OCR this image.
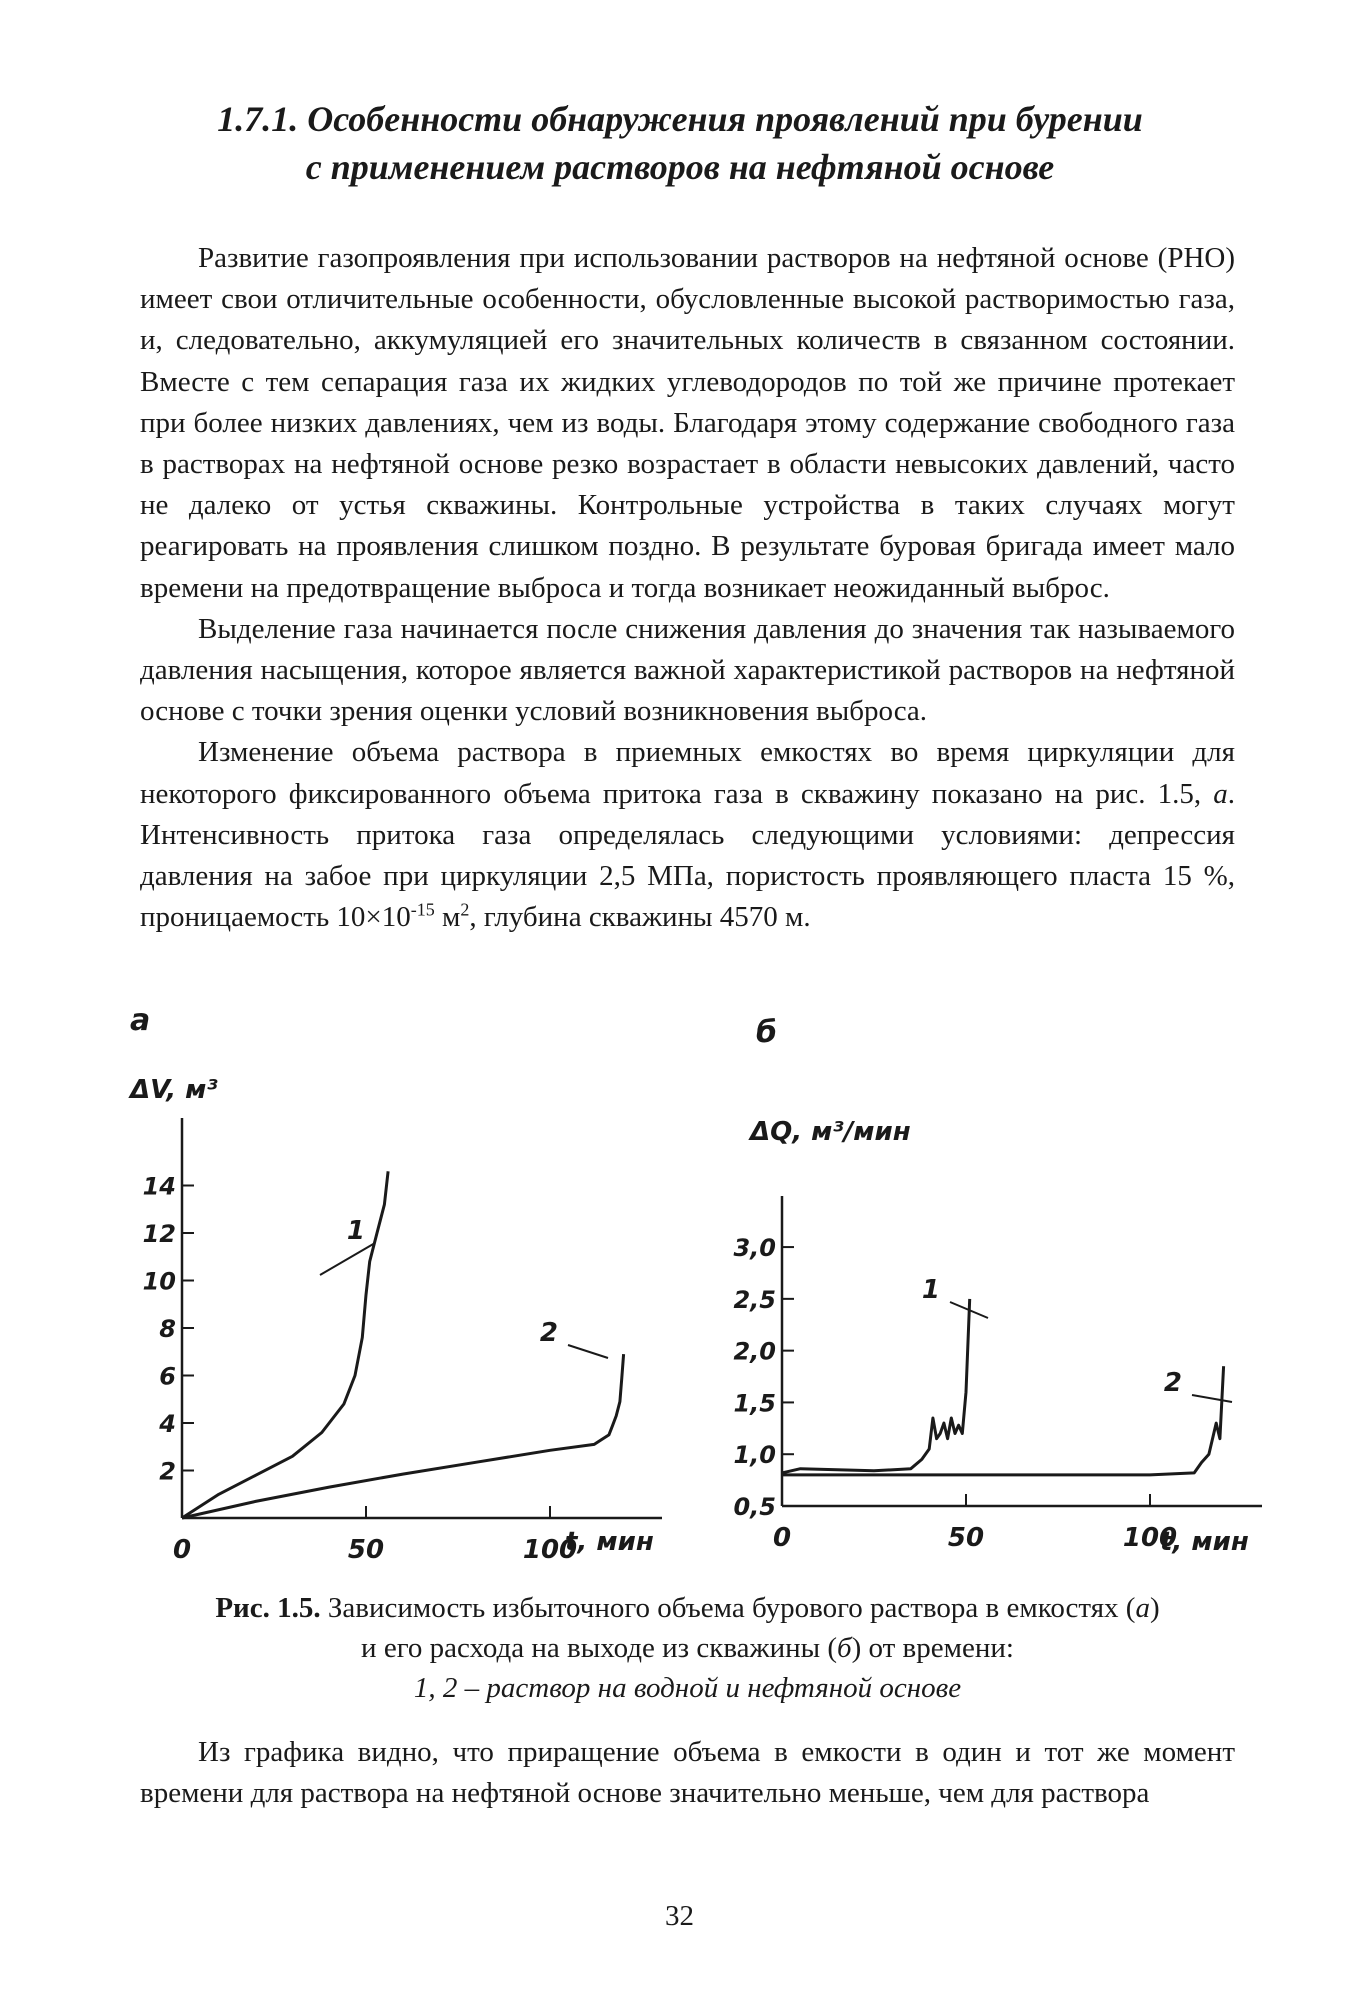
1.7.1. Особенности обнаружения проявлений при бурении
с применением растворов на нефтяной основе

Развитие газопроявления при использовании растворов на нефтяной основе (РНО) имеет свои отличительные особенности, обусловленные высокой растворимостью газа, и, следовательно, аккумуляцией его значительных количеств в связанном состоянии. Вместе с тем сепарация газа их жидких углеводородов по той же причине протекает при более низких давлениях, чем из воды. Благодаря этому содержание свободного газа в растворах на нефтяной основе резко возрастает в области невысоких давлений, часто не далеко от устья скважины. Контрольные устройства в таких случаях могут реагировать на проявления слишком поздно. В результате буровая бригада имеет мало времени на предотвращение выброса и тогда возникает неожиданный выброс.

Выделение газа начинается после снижения давления до значения так называемого давления насыщения, которое является важной характеристикой растворов на нефтяной основе с точки зрения оценки условий возникновения выброса.

Изменение объема раствора в приемных емкостях во время циркуляции для некоторого фиксированного объема притока газа в скважину показано на рис. 1.5, а. Интенсивность притока газа определялась следующими условиями: депрессия давления на забое при циркуляции 2,5 МПа, пористость проявляющего пласта 15 %, проницаемость $10\times 10^{-15}$ $м^2$, глубина скважины 4570 м.

0	50	100
2
4
6
8
10
12
14
а
ΔV, м³
t, мин
1
2
0	50	100
0,5
1,0
1,5
2,0
2,5
3,0
б
ΔQ, м³/мин
t, мин
1
2
Рис. 1.5. Зависимость избыточного объема бурового раствора в емкостях (а)
и его расхода на выходе из скважины (б) от времени:
1, 2 – раствор на водной и нефтяной основе

Из графика видно, что приращение объема в емкости в один и тот же момент времени для раствора на нефтяной основе значительно меньше, чем для раствора

32
